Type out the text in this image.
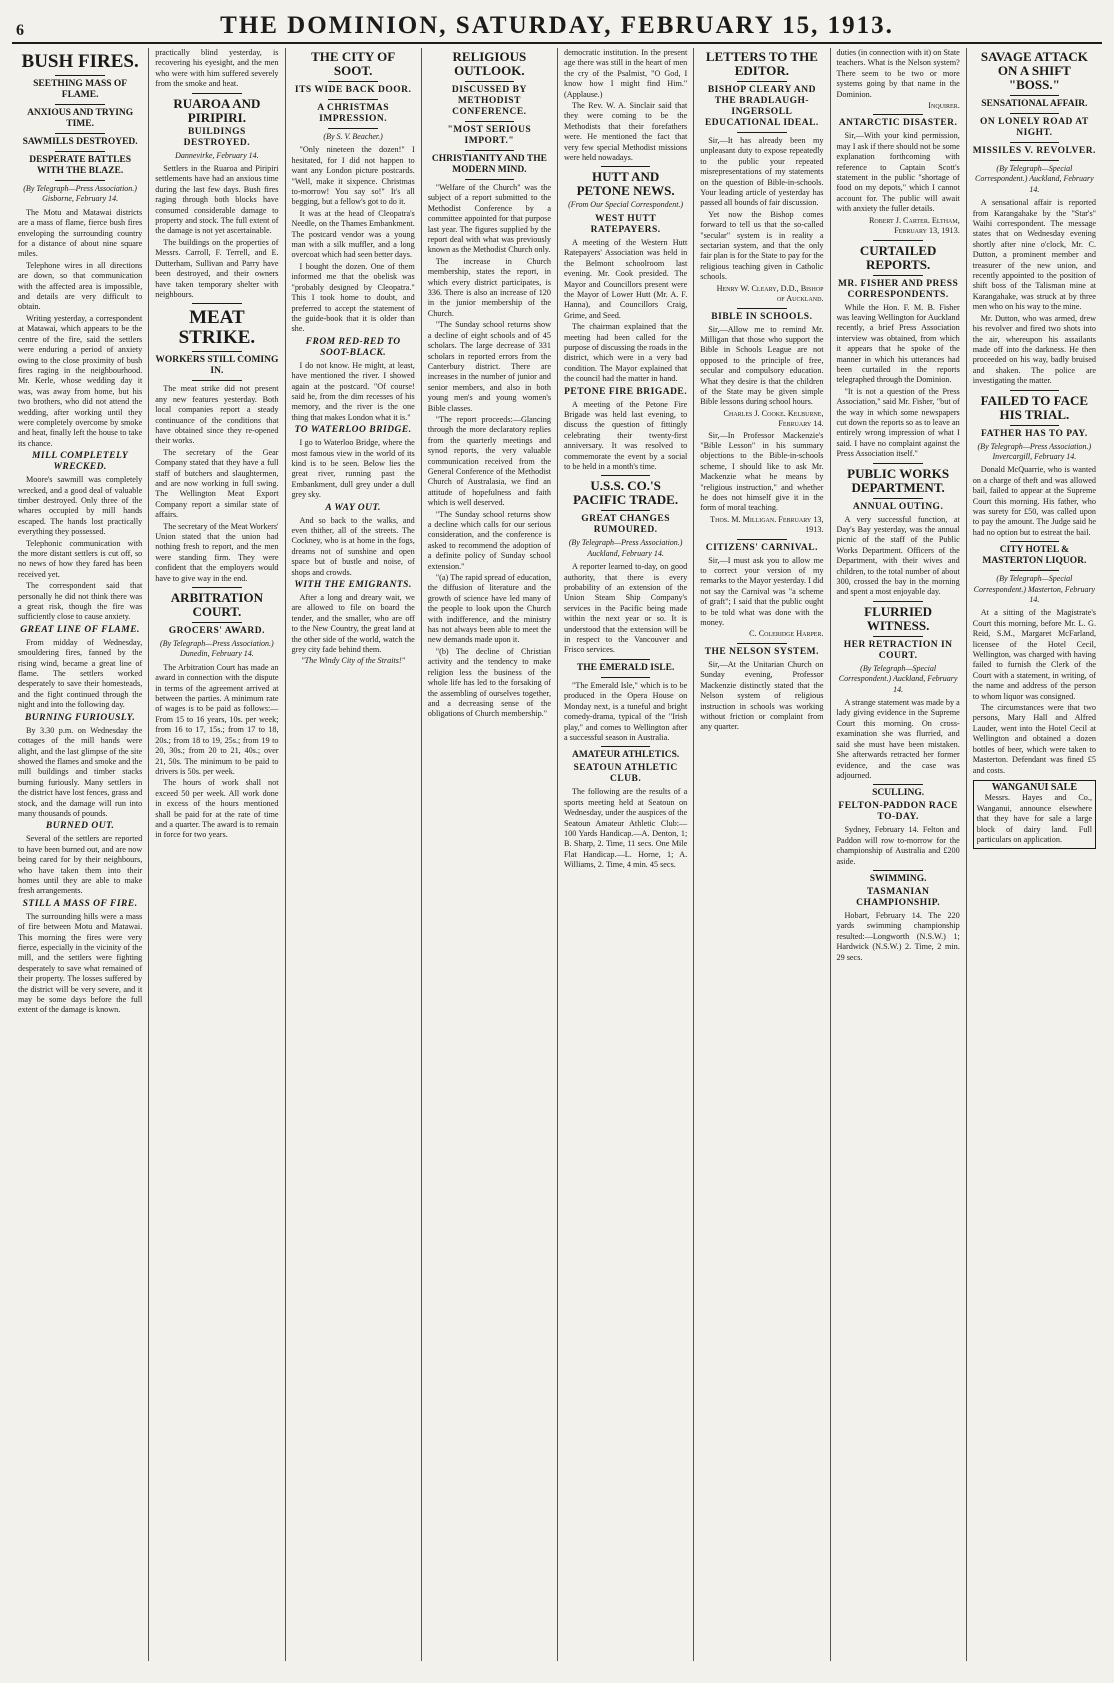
6	THE DOMINION, SATURDAY, FEBRUARY 15, 1913.
BUSH FIRES.
SEETHING MASS OF FLAME.
ANXIOUS AND TRYING TIME.
SAWMILLS DESTROYED.
DESPERATE BATTLES WITH THE BLAZE.
(By Telegraph—Press Association.) Gisborne, February 14.

The Motu and Matawai districts are a mass of flame, fierce bush fires enveloping the surrounding country for a distance of about nine square miles.

Telephone wires in all directions are down, so that communication with the affected area is impossible, and details are very difficult to obtain.

Writing yesterday, a correspondent at Matawai, which appears to be the centre of the fire, said the settlers were enduring a period of anxiety owing to the close proximity of bush fires raging in the neighbourhood. Mr. Kerle, whose wedding day it was, was away from home, but his two brothers, who did not attend the wedding, after working until they were completely overcome by smoke and heat, finally left the house to take its chance.

MILL COMPLETELY WRECKED.

Moore's sawmill was completely wrecked, and a good deal of valuable timber destroyed. Only three of the whares occupied by mill hands escaped. The hands lost practically everything they possessed.

Telephonic communication with the more distant settlers is cut off, so no news of how they fared has been received yet.

The correspondent said that personally he did not think there was a great risk, though the fire was sufficiently close to cause anxiety.

GREAT LINE OF FLAME.

From midday of Wednesday, smouldering fires, fanned by the rising wind, became a great line of flame. The settlers worked desperately to save their homesteads, and the fight continued through the night and into the following day.

BURNING FURIOUSLY.

By 3.30 p.m. on Wednesday the cottages of the mill hands were alight, and the last glimpse of the site showed the flames and smoke and the mill buildings and timber stacks burning furiously. Many settlers in the district have lost fences, grass and stock, and the damage will run into many thousands of pounds.

BURNED OUT.

Several of the settlers are reported to have been burned out, and are now being cared for by their neighbours, who have taken them into their homes until they are able to make fresh arrangements.

STILL A MASS OF FIRE.

The surrounding hills were a mass of fire between Motu and Matawai. This morning the fires were very fierce, especially in the vicinity of the mill, and the settlers were fighting desperately to save what remained of their property. The losses suffered by the district will be very severe, and it may be some days before the full extent of the damage is known.

practically blind yesterday, is recovering his eyesight, and the men who were with him suffered severely from the smoke and heat.

RUAROA AND PIRIPIRI.
BUILDINGS DESTROYED.
Dannevirke, February 14.

Settlers in the Ruaroa and Piripiri settlements have had an anxious time during the last few days. Bush fires raging through both blocks have consumed considerable damage to property and stock. The full extent of the damage is not yet ascertainable.

The buildings on the properties of Messrs. Carroll, F. Terrell, and E. Dutterham, Sullivan and Parry have been destroyed, and their owners have taken temporary shelter with neighbours.

MEAT STRIKE.
WORKERS STILL COMING IN.

The meat strike did not present any new features yesterday. Both local companies report a steady continuance of the conditions that have obtained since they re-opened their works.

The secretary of the Gear Company stated that they have a full staff of butchers and slaughtermen, and are now working in full swing. The Wellington Meat Export Company report a similar state of affairs.

The secretary of the Meat Workers' Union stated that the union had nothing fresh to report, and the men were standing firm. They were confident that the employers would have to give way in the end.

ARBITRATION COURT.
GROCERS' AWARD.
(By Telegraph—Press Association.) Dunedin, February 14.

The Arbitration Court has made an award in connection with the dispute in terms of the agreement arrived at between the parties. A minimum rate of wages is to be paid as follows:—From 15 to 16 years, 10s. per week; from 16 to 17, 15s.; from 17 to 18, 20s.; from 18 to 19, 25s.; from 19 to 20, 30s.; from 20 to 21, 40s.; over 21, 50s. The minimum to be paid to drivers is 50s. per week.

The hours of work shall not exceed 50 per week. All work done in excess of the hours mentioned shall be paid for at the rate of time and a quarter. The award is to remain in force for two years.

THE CITY OF SOOT.
ITS WIDE BACK DOOR.
A CHRISTMAS IMPRESSION.
(By S. V. Beacher.)

"Only nineteen the dozen!" I hesitated, for I did not happen to want any London picture postcards. "Well, make it sixpence. Christmas to-morrow! You say so!" It's all begging, but a fellow's got to do it.

It was at the head of Cleopatra's Needle, on the Thames Embankment. The postcard vendor was a young man with a silk muffler, and a long overcoat which had seen better days.

I bought the dozen. One of them informed me that the obelisk was "probably designed by Cleopatra." This I took home to doubt, and preferred to accept the statement of the guide-book that it is older than she.

FROM RED-RED TO SOOT-BLACK.

I do not know. He might, at least, have mentioned the river. I showed again at the postcard. "Of course! said he, from the dim recesses of his memory, and the river is the one thing that makes London what it is."

TO WATERLOO BRIDGE.

I go to Waterloo Bridge, where the most famous view in the world of its kind is to be seen. Below lies the great river, running past the Embankment, dull grey under a dull grey sky.

A WAY OUT.

And so back to the walks, and even thither, all of the streets. The Cockney, who is at home in the fogs, dreams not of sunshine and open space but of bustle and noise, of shops and crowds.

WITH THE EMIGRANTS.

After a long and dreary wait, we are allowed to file on board the tender, and the smaller, who are off to the New Country, the great land at the other side of the world, watch the grey city fade behind them.

"The Windy City of the Straits!"

RELIGIOUS OUTLOOK.
DISCUSSED BY METHODIST CONFERENCE.
"MOST SERIOUS IMPORT."
CHRISTIANITY AND THE MODERN MIND.

"Welfare of the Church" was the subject of a report submitted to the Methodist Conference by a committee appointed for that purpose last year. The figures supplied by the report deal with what was previously known as the Methodist Church only.

The increase in Church membership, states the report, in which every district participates, is 336. There is also an increase of 120 in the junior membership of the Church.

"The Sunday school returns show a decline of eight schools and of 45 scholars. The large decrease of 331 scholars in reported errors from the Canterbury district. There are increases in the number of junior and senior members, and also in both young men's and young women's Bible classes.

"The report proceeds:—Glancing through the more declaratory replies from the quarterly meetings and synod reports, the very valuable communication received from the General Conference of the Methodist Church of Australasia, we find an attitude of hopefulness and faith which is well deserved.

"The Sunday school returns show a decline which calls for our serious consideration, and the conference is asked to recommend the adoption of a definite policy of Sunday school extension."

"(a) The rapid spread of education, the diffusion of literature and the growth of science have led many of the people to look upon the Church with indifference, and the ministry has not always been able to meet the new demands made upon it.

"(b) The decline of Christian activity and the tendency to make religion less the business of the whole life has led to the forsaking of the assembling of ourselves together, and a decreasing sense of the obligations of Church membership."

democratic institution. In the present age there was still in the heart of men the cry of the Psalmist, "O God, I know how I might find Him." (Applause.)

The Rev. W. A. Sinclair said that they were coming to be the Methodists that their forefathers were. He mentioned the fact that very few special Methodist missions were held nowadays.

HUTT AND PETONE NEWS.
(From Our Special Correspondent.)
WEST HUTT RATEPAYERS.

A meeting of the Western Hutt Ratepayers' Association was held in the Belmont schoolroom last evening. Mr. Cook presided. The Mayor and Councillors present were the Mayor of Lower Hutt (Mr. A. F. Hanna), and Councillors Craig, Grime, and Seed.

The chairman explained that the meeting had been called for the purpose of discussing the roads in the district, which were in a very bad condition. The Mayor explained that the council had the matter in hand.

PETONE FIRE BRIGADE.

A meeting of the Petone Fire Brigade was held last evening, to discuss the question of fittingly celebrating their twenty-first anniversary. It was resolved to commemorate the event by a social to be held in a month's time.

U.S.S. CO.'S PACIFIC TRADE.
GREAT CHANGES RUMOURED.
(By Telegraph—Press Association.) Auckland, February 14.

A reporter learned to-day, on good authority, that there is every probability of an extension of the Union Steam Ship Company's services in the Pacific being made within the next year or so. It is understood that the extension will be in respect to the Vancouver and Frisco services.

THE EMERALD ISLE.

"The Emerald Isle," which is to be produced in the Opera House on Monday next, is a tuneful and bright comedy-drama, typical of the "Irish play," and comes to Wellington after a successful season in Australia.

AMATEUR ATHLETICS.
SEATOUN ATHLETIC CLUB.

The following are the results of a sports meeting held at Seatoun on Wednesday, under the auspices of the Seatoun Amateur Athletic Club:— 100 Yards Handicap.—A. Denton, 1; B. Sharp, 2. Time, 11 secs. One Mile Flat Handicap.—L. Horne, 1; A. Williams, 2. Time, 4 min. 45 secs.

LETTERS TO THE EDITOR.
BISHOP CLEARY AND THE BRADLAUGH-INGERSOLL EDUCATIONAL IDEAL.

Sir,—It has already been my unpleasant duty to expose repeatedly to the public your repeated misrepresentations of my statements on the question of Bible-in-schools. Your leading article of yesterday has passed all bounds of fair discussion.

Yet now the Bishop comes forward to tell us that the so-called "secular" system is in reality a sectarian system, and that the only fair plan is for the State to pay for the religious teaching given in Catholic schools.

Henry W. Cleary, D.D., Bishop of Auckland.

BIBLE IN SCHOOLS.

Sir,—Allow me to remind Mr. Milligan that those who support the Bible in Schools League are not opposed to the principle of free, secular and compulsory education. What they desire is that the children of the State may be given simple Bible lessons during school hours.

Charles J. Cooke. Kelburne, February 14.

Sir,—In Professor Mackenzie's "Bible Lesson" in his summary objections to the Bible-in-schools scheme, I should like to ask Mr. Mackenzie what he means by "religious instruction," and whether he does not himself give it in the form of moral teaching.

Thos. M. Milligan. February 13, 1913.

CITIZENS' CARNIVAL.

Sir,—I must ask you to allow me to correct your version of my remarks to the Mayor yesterday. I did not say the Carnival was "a scheme of graft"; I said that the public ought to be told what was done with the money.

C. Coleridge Harper.

THE NELSON SYSTEM.

Sir,—At the Unitarian Church on Sunday evening, Professor Mackenzie distinctly stated that the Nelson system of religious instruction in schools was working without friction or complaint from any quarter.

duties (in connection with it) on State teachers. What is the Nelson system? There seem to be two or more systems going by that name in the Dominion.

Inquirer.

ANTARCTIC DISASTER.

Sir,—With your kind permission, may I ask if there should not be some explanation forthcoming with reference to Captain Scott's statement in the public "shortage of food on my depots," which I cannot account for. The public will await with anxiety the fuller details.

Robert J. Carter. Eltham, February 13, 1913.

CURTAILED REPORTS.
MR. FISHER AND PRESS CORRESPONDENTS.

While the Hon. F. M. B. Fisher was leaving Wellington for Auckland recently, a brief Press Association interview was obtained, from which it appears that he spoke of the manner in which his utterances had been curtailed in the reports telegraphed through the Dominion.

"It is not a question of the Press Association," said Mr. Fisher, "but of the way in which some newspapers cut down the reports so as to leave an entirely wrong impression of what I said. I have no complaint against the Press Association itself."

PUBLIC WORKS DEPARTMENT.
ANNUAL OUTING.

A very successful function, at Day's Bay yesterday, was the annual picnic of the staff of the Public Works Department. Officers of the Department, with their wives and children, to the total number of about 300, crossed the bay in the morning and spent a most enjoyable day.

FLURRIED WITNESS.
HER RETRACTION IN COURT.
(By Telegraph—Special Correspondent.) Auckland, February 14.

A strange statement was made by a lady giving evidence in the Supreme Court this morning. On cross-examination she was flurried, and said she must have been mistaken. She afterwards retracted her former evidence, and the case was adjourned.

SCULLING.
FELTON-PADDON RACE TO-DAY.

Sydney, February 14. Felton and Paddon will row to-morrow for the championship of Australia and £200 aside.

SWIMMING.
TASMANIAN CHAMPIONSHIP.

Hobart, February 14. The 220 yards swimming championship resulted:—Longworth (N.S.W.) 1; Hardwick (N.S.W.) 2. Time, 2 min. 29 secs.

SAVAGE ATTACK ON A SHIFT "BOSS."
SENSATIONAL AFFAIR.
ON LONELY ROAD AT NIGHT.
MISSILES V. REVOLVER.
(By Telegraph—Special Correspondent.) Auckland, February 14.

A sensational affair is reported from Karangahake by the "Star's" Waihi correspondent. The message states that on Wednesday evening shortly after nine o'clock, Mr. C. Dutton, a prominent member and treasurer of the new union, and recently appointed to the position of shift boss of the Talisman mine at Karangahake, was struck at by three men who on his way to the mine.

Mr. Dutton, who was armed, drew his revolver and fired two shots into the air, whereupon his assailants made off into the darkness. He then proceeded on his way, badly bruised and shaken. The police are investigating the matter.

FAILED TO FACE HIS TRIAL.
FATHER HAS TO PAY.
(By Telegraph—Press Association.) Invercargill, February 14.

Donald McQuarrie, who is wanted on a charge of theft and was allowed bail, failed to appear at the Supreme Court this morning. His father, who was surety for £50, was called upon to pay the amount. The Judge said he had no option but to estreat the bail.

CITY HOTEL & MASTERTON LIQUOR.
(By Telegraph—Special Correspondent.) Masterton, February 14.

At a sitting of the Magistrate's Court this morning, before Mr. L. G. Reid, S.M., Margaret McFarland, licensee of the Hotel Cecil, Wellington, was charged with having failed to furnish the Clerk of the Court with a statement, in writing, of the name and address of the person to whom liquor was consigned.

The circumstances were that two persons, Mary Hall and Alfred Lauder, went into the Hotel Cecil at Wellington and obtained a dozen bottles of beer, which were taken to Masterton. Defendant was fined £5 and costs.

WANGANUI SALE

Messrs. Hayes and Co., Wanganui, announce elsewhere that they have for sale a large block of dairy land. Full particulars on application.
